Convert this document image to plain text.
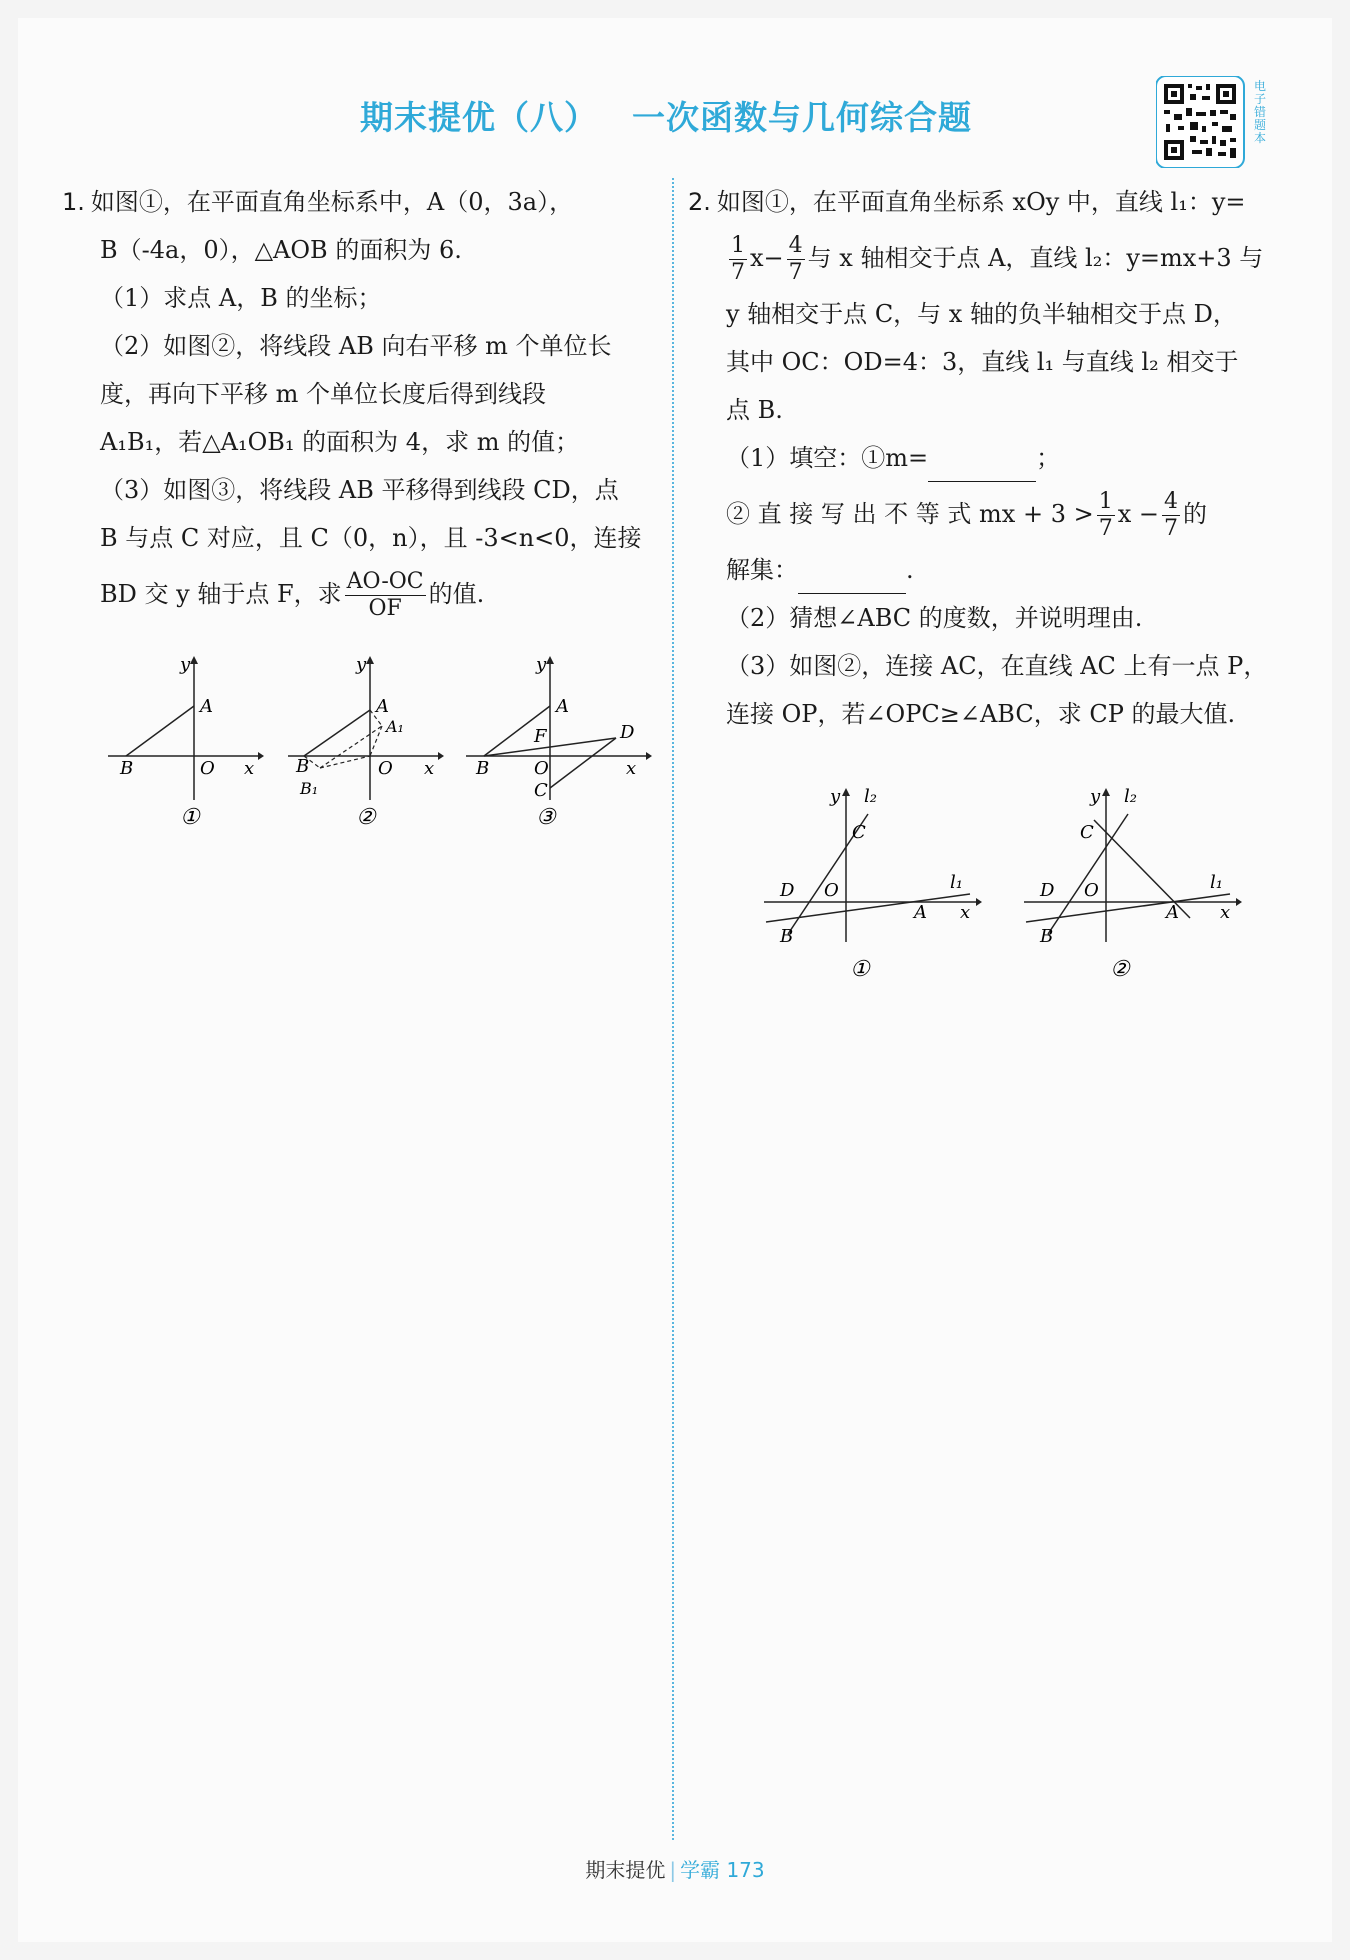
期末提优（八） 一次函数与几何综合题
电子错题本
1. 如图①，在平面直角坐标系中，A（0，3a），
B（-4a，0），△AOB 的面积为 6.
（1）求点 A，B 的坐标；
（2）如图②，将线段 AB 向右平移 m 个单位长
度，再向下平移 m 个单位长度后得到线段
A₁B₁，若△A₁OB₁ 的面积为 4，求 m 的值；
（3）如图③，将线段 AB 平移得到线段 CD，点
B 与点 C 对应，且 C（0，n），且 -3<n<0，连接
BD 交 y 轴于点 F，求 $\frac{AO-OC}{OF}$ 的值.
y
A
B	O x
①
y
A
A₁
B
B₁
O x
②
y
A
F	D
B O
C
x
③
2. 如图①，在平面直角坐标系 xOy 中，直线 l₁：y=
$\frac{1}{7} x- \frac{4}{7}$ 与 x 轴相交于点 A，直线 l₂：y=mx+3 与
y 轴相交于点 C，与 x 轴的负半轴相交于点 D，
其中 OC：OD=4：3，直线 l₁ 与直线 l₂ 相交于
点 B.
（1）填空：①m=	；
② 直 接 写 出 不 等 式 mx + $3 > \frac{1}{7}$ $x - \frac{4}{7}$ 的
解集：	.
（2）猜想∠ABC 的度数，并说明理由.
（3）如图②，连接 AC，在直线 AC 上有一点 P，
连接 OP，若∠OPC≥∠ABC，求 CP 的最大值.
y l₂
C
D O	l₁
A x
B
①
y l₂
C
D O	l₁
A x
B
②
期末提优 | 学霸 173
